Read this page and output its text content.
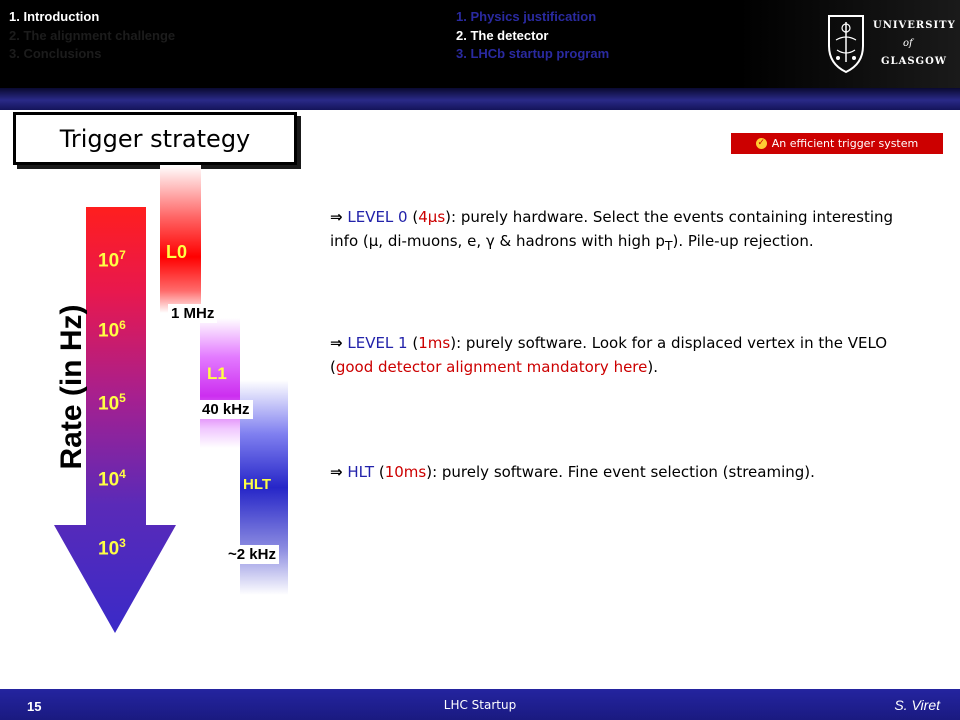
1. Introduction
2. The alignment challenge
3. Conclusions
1. Physics justification
2. The detector
3. LHCb startup program
UNIVERSITY
of
GLASGOW
Trigger strategy	✓ An efficient trigger system
Rate (in Hz)
$10^7$
$10^6$
$10^5$
$10^4$
$10^3$
L0
L1
HLT
1 MHz
40 kHz
~2 kHz
⇒ LEVEL 0 (4µs): purely hardware. Select the events containing interesting info (µ, di-muons, e, γ & hadrons with high $p_T$). Pile-up rejection.
⇒ LEVEL 1 (1ms): purely software. Look for a displaced vertex in the VELO (good detector alignment mandatory here).
⇒ HLT (10ms): purely software. Fine event selection (streaming).
15	LHC Startup	S. Viret
